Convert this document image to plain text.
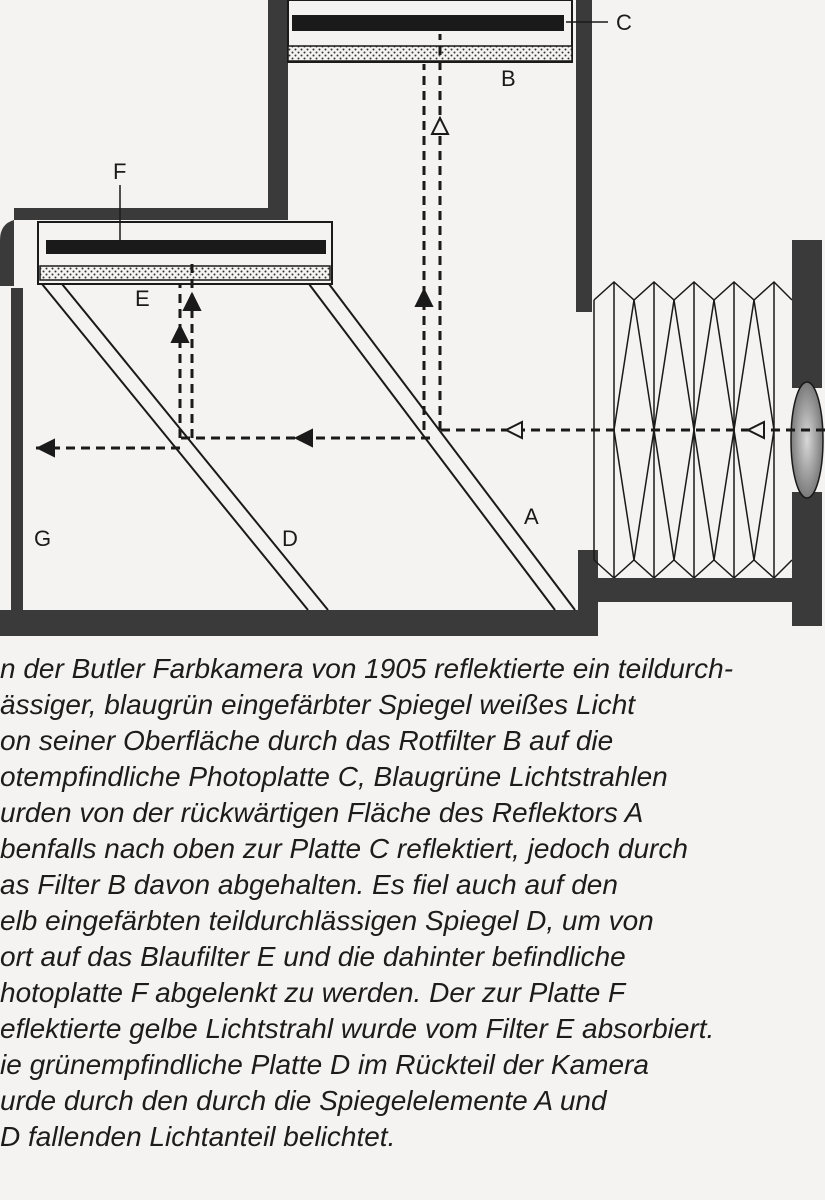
C
B
F
E
A
D
G
n der Butler Farbkamera von 1905 reflektierte ein teildurch-
ässiger, blaugrün eingefärbter Spiegel weißes Licht
on seiner Oberfläche durch das Rotfilter B auf die
otempfindliche Photoplatte C, Blaugrüne Lichtstrahlen
urden von der rückwärtigen Fläche des Reflektors A
benfalls nach oben zur Platte C reflektiert, jedoch durch
as Filter B davon abgehalten. Es fiel auch auf den
elb eingefärbten teildurchlässigen Spiegel D, um von
ort auf das Blaufilter E und die dahinter befindliche
hotoplatte F abgelenkt zu werden. Der zur Platte F
eflektierte gelbe Lichtstrahl wurde vom Filter E absorbiert.
ie grünempfindliche Platte D im Rückteil der Kamera
urde durch den durch die Spiegelelemente A und
D fallenden Lichtanteil belichtet.
